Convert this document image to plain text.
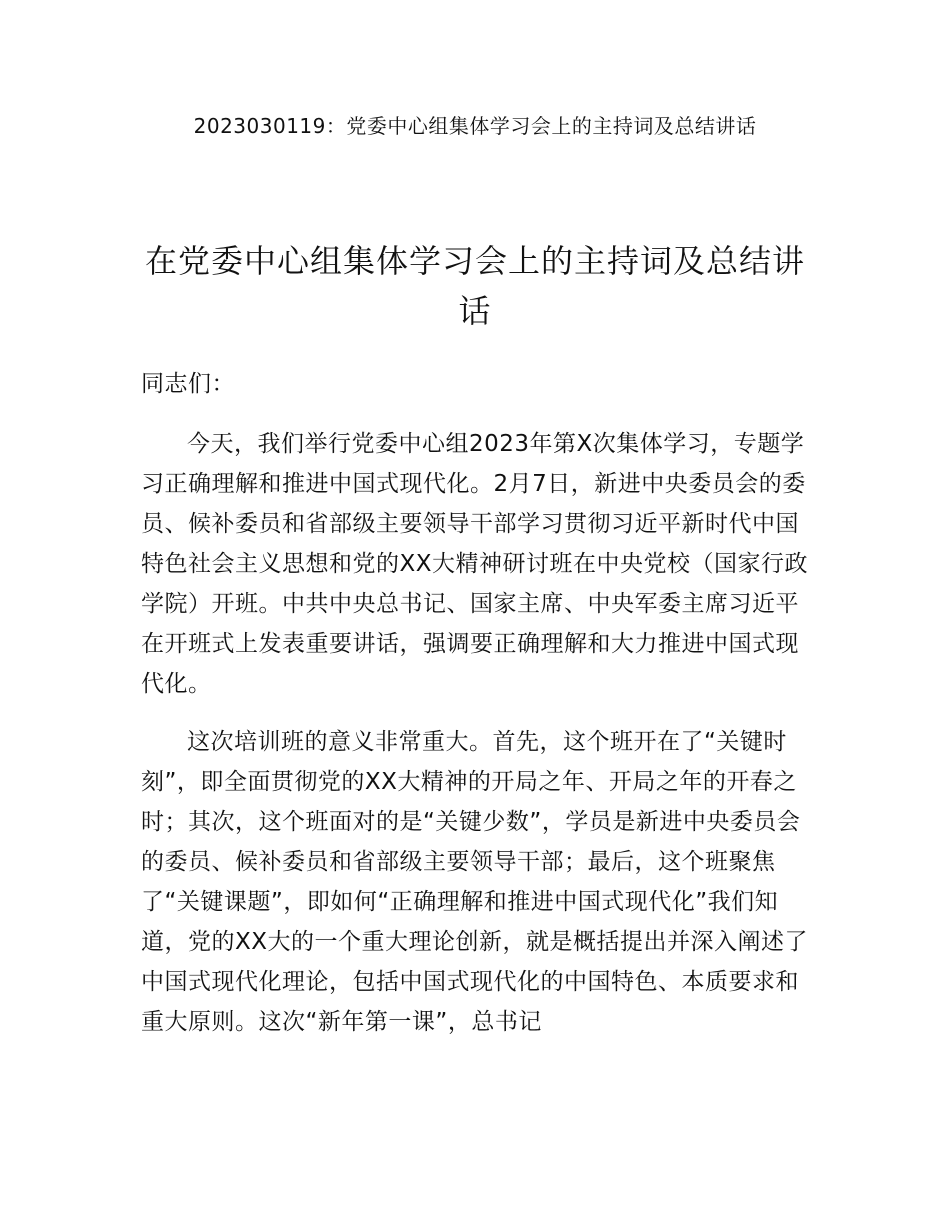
2023030119：党委中心组集体学习会上的主持词及总结讲话
在党委中心组集体学习会上的主持词及总结讲话

同志们：

今天，我们举行党委中心组2023年第X次集体学习，专题学习正确理解和推进中国式现代化。2月7日，新进中央委员会的委员、候补委员和省部级主要领导干部学习贯彻习近平新时代中国特色社会主义思想和党的XX大精神研讨班在中央党校（国家行政学院）开班。中共中央总书记、国家主席、中央军委主席习近平在开班式上发表重要讲话，强调要正确理解和大力推进中国式现代化。

这次培训班的意义非常重大。首先，这个班开在了“关键时刻”，即全面贯彻党的XX大精神的开局之年、开局之年的开春之时；其次，这个班面对的是“关键少数”，学员是新进中央委员会的委员、候补委员和省部级主要领导干部；最后，这个班聚焦了“关键课题”，即如何“正确理解和推进中国式现代化”我们知道，党的XX大的一个重大理论创新，就是概括提出并深入阐述了中国式现代化理论，包括中国式现代化的中国特色、本质要求和重大原则。这次“新年第一课”，总书记
